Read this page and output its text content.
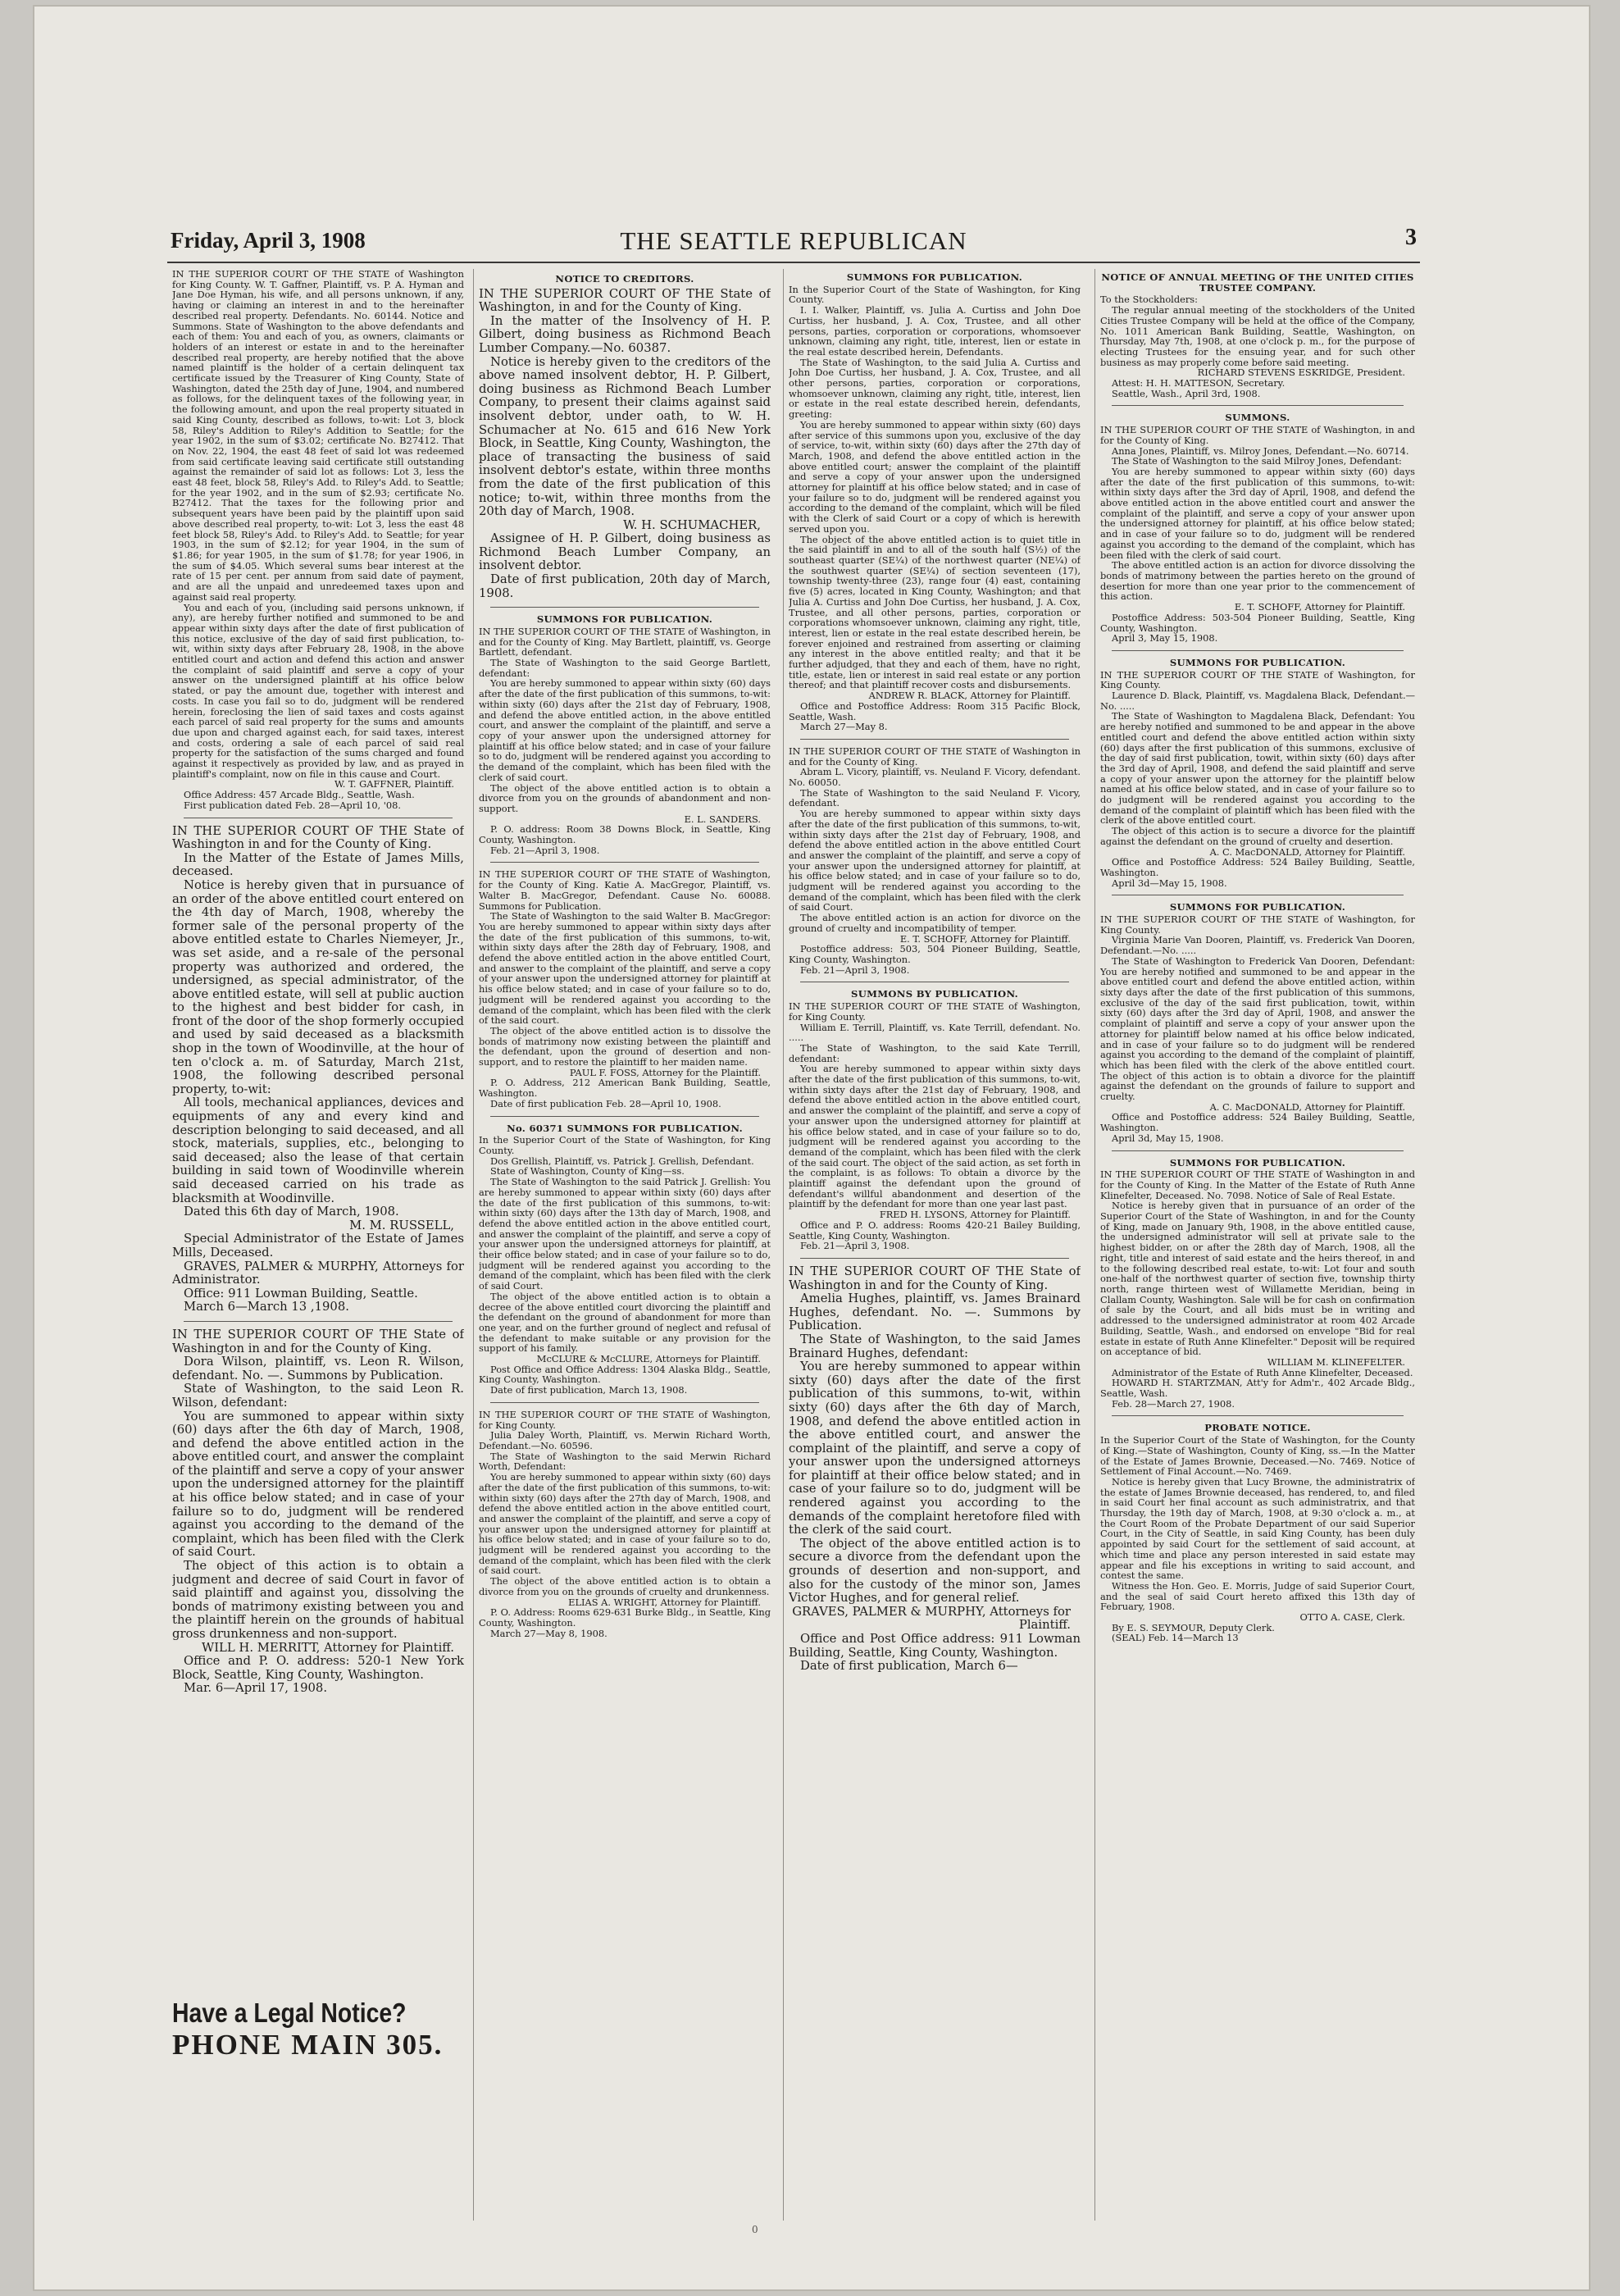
Friday, April 3, 1908	THE SEATTLE REPUBLICAN	3

IN THE SUPERIOR COURT OF THE STATE of Washington for King County. W. T. Gaffner, Plaintiff, vs. P. A. Hyman and Jane Doe Hyman, his wife, and all persons unknown, if any, having or claiming an interest in and to the hereinafter described real property. Defendants. No. 60144. Notice and Summons. State of Washington to the above defendants and each of them: You and each of you, as owners, claimants or holders of an interest or estate in and to the hereinafter described real property, are hereby notified that the above named plaintiff is the holder of a certain delinquent tax certificate issued by the Treasurer of King County, State of Washington, dated the 25th day of June, 1904, and numbered as follows, for the delinquent taxes of the following year, in the following amount, and upon the real property situated in said King County, described as follows, to-wit: Lot 3, block 58, Riley's Addition to Riley's Addition to Seattle; for the year 1902, in the sum of $3.02; certificate No. B27412. That on Nov. 22, 1904, the east 48 feet of said lot was redeemed from said certificate leaving said certificate still outstanding against the remainder of said lot as follows: Lot 3, less the east 48 feet, block 58, Riley's Add. to Riley's Add. to Seattle; for the year 1902, and in the sum of $2.93; certificate No. B27412. That the taxes for the following prior and subsequent years have been paid by the plaintiff upon said above described real property, to-wit: Lot 3, less the east 48 feet block 58, Riley's Add. to Riley's Add. to Seattle; for year 1903, in the sum of $2.12; for year 1904, in the sum of $1.86; for year 1905, in the sum of $1.78; for year 1906, in the sum of $4.05. Which several sums bear interest at the rate of 15 per cent. per annum from said date of payment, and are all the unpaid and unredeemed taxes upon and against said real property.

You and each of you, (including said persons unknown, if any), are hereby further notified and summoned to be and appear within sixty days after the date of first publication of this notice, exclusive of the day of said first publication, to-wit, within sixty days after February 28, 1908, in the above entitled court and action and defend this action and answer the complaint of said plaintiff and serve a copy of your answer on the undersigned plaintiff at his office below stated, or pay the amount due, together with interest and costs. In case you fail so to do, judgment will be rendered herein, foreclosing the lien of said taxes and costs against each parcel of said real property for the sums and amounts due upon and charged against each, for said taxes, interest and costs, ordering a sale of each parcel of said real property for the satisfaction of the sums charged and found against it respectively as provided by law, and as prayed in plaintiff's complaint, now on file in this cause and Court.

W. T. GAFFNER, Plaintiff.
Office Address: 457 Arcade Bldg., Seattle, Wash.
First publication dated Feb. 28—April 10, '08.

IN THE SUPERIOR COURT OF THE State of Washington in and for the County of King.

In the Matter of the Estate of James Mills, deceased.

Notice is hereby given that in pursuance of an order of the above entitled court entered on the 4th day of March, 1908, whereby the former sale of the personal property of the above entitled estate to Charles Niemeyer, Jr., was set aside, and a re-sale of the personal property was authorized and ordered, the undersigned, as special administrator, of the above entitled estate, will sell at public auction to the highest and best bidder for cash, in front of the door of the shop formerly occupied and used by said deceased as a blacksmith shop in the town of Woodinville, at the hour of ten o'clock a. m. of Saturday, March 21st, 1908, the following described personal property, to-wit:

All tools, mechanical appliances, devices and equipments of any and every kind and description belonging to said deceased, and all stock, materials, supplies, etc., belonging to said deceased; also the lease of that certain building in said town of Woodinville wherein said deceased carried on his trade as blacksmith at Woodinville.

Dated this 6th day of March, 1908.

M. M. RUSSELL,
Special Administrator of the Estate of James Mills, Deceased.
GRAVES, PALMER & MURPHY, Attorneys for Administrator.
Office: 911 Lowman Building, Seattle.
March 6—March 13 ,1908.

IN THE SUPERIOR COURT OF THE State of Washington in and for the County of King.

Dora Wilson, plaintiff, vs. Leon R. Wilson, defendant. No. —. Summons by Publication.

State of Washington, to the said Leon R. Wilson, defendant:

You are summoned to appear within sixty (60) days after the 6th day of March, 1908, and defend the above entitled action in the above entitled court, and answer the complaint of the plaintiff and serve a copy of your answer upon the undersigned attorney for the plaintiff at his office below stated; and in case of your failure so to do, judgment will be rendered against you according to the demand of the complaint, which has been filed with the Clerk of said Court.

The object of this action is to obtain a judgment and decree of said Court in favor of said plaintiff and against you, dissolving the bonds of matrimony existing between you and the plaintiff herein on the grounds of habitual gross drunkenness and non-support.

WILL H. MERRITT, Attorney for Plaintiff.
Office and P. O. address: 520-1 New York Block, Seattle, King County, Washington.
Mar. 6—April 17, 1908.
NOTICE TO CREDITORS.

IN THE SUPERIOR COURT OF THE State of Washington, in and for the County of King.

In the matter of the Insolvency of H. P. Gilbert, doing business as Richmond Beach Lumber Company.—No. 60387.

Notice is hereby given to the creditors of the above named insolvent debtor, H. P. Gilbert, doing business as Richmond Beach Lumber Company, to present their claims against said insolvent debtor, under oath, to W. H. Schumacher at No. 615 and 616 New York Block, in Seattle, King County, Washington, the place of transacting the business of said insolvent debtor's estate, within three months from the date of the first publication of this notice; to-wit, within three months from the 20th day of March, 1908.

W. H. SCHUMACHER,
Assignee of H. P. Gilbert, doing business as Richmond Beach Lumber Company, an insolvent debtor.
Date of first publication, 20th day of March, 1908.
SUMMONS FOR PUBLICATION.

IN THE SUPERIOR COURT OF THE STATE of Washington, in and for the County of King. May Bartlett, plaintiff, vs. George Bartlett, defendant.

The State of Washington to the said George Bartlett, defendant:

You are hereby summoned to appear within sixty (60) days after the date of the first publication of this summons, to-wit: within sixty (60) days after the 21st day of February, 1908, and defend the above entitled action, in the above entitled court, and answer the complaint of the plaintiff, and serve a copy of your answer upon the undersigned attorney for plaintiff at his office below stated; and in case of your failure so to do, judgment will be rendered against you according to the demand of the complaint, which has been filed with the clerk of said court.

The object of the above entitled action is to obtain a divorce from you on the grounds of abandonment and non-support.

E. L. SANDERS.
P. O. address: Room 38 Downs Block, in Seattle, King County, Washington.
Feb. 21—April 3, 1908.

IN THE SUPERIOR COURT OF THE STATE of Washington, for the County of King. Katie A. MacGregor, Plaintiff, vs. Walter B. MacGregor, Defendant. Cause No. 60088. Summons for Publication.

The State of Washington to the said Walter B. MacGregor: You are hereby summoned to appear within sixty days after the date of the first publication of this summons, to-wit, within sixty days after the 28th day of February, 1908, and defend the above entitled action in the above entitled Court, and answer to the complaint of the plaintiff, and serve a copy of your answer upon the undersigned attorney for plaintiff at his office below stated; and in case of your failure so to do, judgment will be rendered against you according to the demand of the complaint, which has been filed with the clerk of the said court.

The object of the above entitled action is to dissolve the bonds of matrimony now existing between the plaintiff and the defendant, upon the ground of desertion and non-support, and to restore the plaintiff to her maiden name.

PAUL F. FOSS, Attorney for the Plaintiff.
P. O. Address, 212 American Bank Building, Seattle, Washington.
Date of first publication Feb. 28—April 10, 1908.
No. 60371 SUMMONS FOR PUBLICATION.

In the Superior Court of the State of Washington, for King County.

Dos Grellish, Plaintiff, vs. Patrick J. Grellish, Defendant.

State of Washington, County of King—ss.

The State of Washington to the said Patrick J. Grellish: You are hereby summoned to appear within sixty (60) days after the date of the first publication of this summons, to-wit: within sixty (60) days after the 13th day of March, 1908, and defend the above entitled action in the above entitled court, and answer the complaint of the plaintiff, and serve a copy of your answer upon the undersigned attorneys for plaintiff, at their office below stated; and in case of your failure so to do, judgment will be rendered against you according to the demand of the complaint, which has been filed with the clerk of said Court.

The object of the above entitled action is to obtain a decree of the above entitled court divorcing the plaintiff and the defendant on the ground of abandonment for more than one year, and on the further ground of neglect and refusal of the defendant to make suitable or any provision for the support of his family.

McCLURE & McCLURE, Attorneys for Plaintiff.
Post Office and Office Address: 1304 Alaska Bldg., Seattle, King County, Washington.
Date of first publication, March 13, 1908.

IN THE SUPERIOR COURT OF THE STATE of Washington, for King County.

Julia Daley Worth, Plaintiff, vs. Merwin Richard Worth, Defendant.—No. 60596.

The State of Washington to the said Merwin Richard Worth, Defendant:

You are hereby summoned to appear within sixty (60) days after the date of the first publication of this summons, to-wit: within sixty (60) days after the 27th day of March, 1908, and defend the above entitled action in the above entitled court, and answer the complaint of the plaintiff, and serve a copy of your answer upon the undersigned attorney for plaintiff at his office below stated; and in case of your failure so to do, judgment will be rendered against you according to the demand of the complaint, which has been filed with the clerk of said court.

The object of the above entitled action is to obtain a divorce from you on the grounds of cruelty and drunkenness.

ELIAS A. WRIGHT, Attorney for Plaintiff.
P. O. Address: Rooms 629-631 Burke Bldg., in Seattle, King County, Washington.
March 27—May 8, 1908.
SUMMONS FOR PUBLICATION.

In the Superior Court of the State of Washington, for King County.

I. I. Walker, Plaintiff, vs. Julia A. Curtiss and John Doe Curtiss, her husband, J. A. Cox, Trustee, and all other persons, parties, corporation or corporations, whomsoever unknown, claiming any right, title, interest, lien or estate in the real estate described herein, Defendants.

The State of Washington, to the said Julia A. Curtiss and John Doe Curtiss, her husband, J. A. Cox, Trustee, and all other persons, parties, corporation or corporations, whomsoever unknown, claiming any right, title, interest, lien or estate in the real estate described herein, defendants, greeting:

You are hereby summoned to appear within sixty (60) days after service of this summons upon you, exclusive of the day of service, to-wit, within sixty (60) days after the 27th day of March, 1908, and defend the above entitled action in the above entitled court; answer the complaint of the plaintiff and serve a copy of your answer upon the undersigned attorney for plaintiff at his office below stated; and in case of your failure so to do, judgment will be rendered against you according to the demand of the complaint, which will be filed with the Clerk of said Court or a copy of which is herewith served upon you.

The object of the above entitled action is to quiet title in the said plaintiff in and to all of the south half (S½) of the southeast quarter (SE¼) of the northwest quarter (NE¼) of the southwest quarter (SE¼) of section seventeen (17), township twenty-three (23), range four (4) east, containing five (5) acres, located in King County, Washington; and that Julia A. Curtiss and John Doe Curtiss, her husband, J. A. Cox, Trustee, and all other persons, parties, corporation or corporations whomsoever unknown, claiming any right, title, interest, lien or estate in the real estate described herein, be forever enjoined and restrained from asserting or claiming any interest in the above entitled realty; and that it be further adjudged, that they and each of them, have no right, title, estate, lien or interest in said real estate or any portion thereof; and that plaintiff recover costs and disbursements.

ANDREW R. BLACK, Attorney for Plaintiff.
Office and Postoffice Address: Room 315 Pacific Block, Seattle, Wash.
March 27—May 8.

IN THE SUPERIOR COURT OF THE STATE of Washington in and for the County of King.

Abram L. Vicory, plaintiff, vs. Neuland F. Vicory, defendant. No. 60050.

The State of Washington to the said Neuland F. Vicory, defendant.

You are hereby summoned to appear within sixty days after the date of the first publication of this summons, to-wit, within sixty days after the 21st day of February, 1908, and defend the above entitled action in the above entitled Court and answer the complaint of the plaintiff, and serve a copy of your answer upon the undersigned attorney for plaintiff, at his office below stated; and in case of your failure so to do, judgment will be rendered against you according to the demand of the complaint, which has been filed with the clerk of said Court.

The above entitled action is an action for divorce on the ground of cruelty and incompatibility of temper.

E. T. SCHOFF, Attorney for Plaintiff.
Postoffice address: 503, 504 Pioneer Building, Seattle, King County, Washington.
Feb. 21—April 3, 1908.
SUMMONS BY PUBLICATION.

IN THE SUPERIOR COURT OF THE STATE of Washington, for King County.

William E. Terrill, Plaintiff, vs. Kate Terrill, defendant. No. .....

The State of Washington, to the said Kate Terrill, defendant:

You are hereby summoned to appear within sixty days after the date of the first publication of this summons, to-wit, within sixty days after the 21st day of February, 1908, and defend the above entitled action in the above entitled court, and answer the complaint of the plaintiff, and serve a copy of your answer upon the undersigned attorney for plaintiff at his office below stated, and in case of your failure so to do, judgment will be rendered against you according to the demand of the complaint, which has been filed with the clerk of the said court. The object of the said action, as set forth in the complaint, is as follows: To obtain a divorce by the plaintiff against the defendant upon the ground of defendant's willful abandonment and desertion of the plaintiff by the defendant for more than one year last past.

FRED H. LYSONS, Attorney for Plaintiff.
Office and P. O. address: Rooms 420-21 Bailey Building, Seattle, King County, Washington.
Feb. 21—April 3, 1908.

IN THE SUPERIOR COURT OF THE State of Washington in and for the County of King.

Amelia Hughes, plaintiff, vs. James Brainard Hughes, defendant. No. —. Summons by Publication.

The State of Washington, to the said James Brainard Hughes, defendant:

You are hereby summoned to appear within sixty (60) days after the date of the first publication of this summons, to-wit, within sixty (60) days after the 6th day of March, 1908, and defend the above entitled action in the above entitled court, and answer the complaint of the plaintiff, and serve a copy of your answer upon the undersigned attorneys for plaintiff at their office below stated; and in case of your failure so to do, judgment will be rendered against you according to the demands of the complaint heretofore filed with the clerk of the said court.

The object of the above entitled action is to secure a divorce from the defendant upon the grounds of desertion and non-support, and also for the custody of the minor son, James Victor Hughes, and for general relief.

GRAVES, PALMER & MURPHY, Attorneys for Plaintiff.
Office and Post Office address: 911 Lowman Building, Seattle, King County, Washington.
Date of first publication, March 6—
NOTICE OF ANNUAL MEETING OF THE UNITED CITIES TRUSTEE COMPANY.

To the Stockholders:

The regular annual meeting of the stockholders of the United Cities Trustee Company will be held at the office of the Company, No. 1011 American Bank Building, Seattle, Washington, on Thursday, May 7th, 1908, at one o'clock p. m., for the purpose of electing Trustees for the ensuing year, and for such other business as may properly come before said meeting.

RICHARD STEVENS ESKRIDGE, President.
Attest: H. H. MATTESON, Secretary.
Seattle, Wash., April 3rd, 1908.
SUMMONS.

IN THE SUPERIOR COURT OF THE STATE of Washington, in and for the County of King.

Anna Jones, Plaintiff, vs. Milroy Jones, Defendant.—No. 60714.

The State of Washington to the said Milroy Jones, Defendant:

You are hereby summoned to appear within sixty (60) days after the date of the first publication of this summons, to-wit: within sixty days after the 3rd day of April, 1908, and defend the above entitled action in the above entitled court and answer the complaint of the plaintiff, and serve a copy of your answer upon the undersigned attorney for plaintiff, at his office below stated; and in case of your failure so to do, judgment will be rendered against you according to the demand of the complaint, which has been filed with the clerk of said court.

The above entitled action is an action for divorce dissolving the bonds of matrimony between the parties hereto on the ground of desertion for more than one year prior to the commencement of this action.

E. T. SCHOFF, Attorney for Plaintiff.
Postoffice Address: 503-504 Pioneer Building, Seattle, King County, Washington.
April 3, May 15, 1908.
SUMMONS FOR PUBLICATION.

IN THE SUPERIOR COURT OF THE STATE of Washington, for King County.

Laurence D. Black, Plaintiff, vs. Magdalena Black, Defendant.—No. .....

The State of Washington to Magdalena Black, Defendant: You are hereby notified and summoned to be and appear in the above entitled court and defend the above entitled action within sixty (60) days after the first publication of this summons, exclusive of the day of said first publication, towit, within sixty (60) days after the 3rd day of April, 1908, and defend the said plaintiff and serve a copy of your answer upon the attorney for the plaintiff below named at his office below stated, and in case of your failure so to do judgment will be rendered against you according to the demand of the complaint of plaintiff which has been filed with the clerk of the above entitled court.

The object of this action is to secure a divorce for the plaintiff against the defendant on the ground of cruelty and desertion.

A. C. MacDONALD, Attorney for Plaintiff.
Office and Postoffice Address: 524 Bailey Building, Seattle, Washington.
April 3d—May 15, 1908.
SUMMONS FOR PUBLICATION.

IN THE SUPERIOR COURT OF THE STATE of Washington, for King County.

Virginia Marie Van Dooren, Plaintiff, vs. Frederick Van Dooren, Defendant.—No. .....

The State of Washington to Frederick Van Dooren, Defendant: You are hereby notified and summoned to be and appear in the above entitled court and defend the above entitled action, within sixty days after the date of the first publication of this summons, exclusive of the day of the said first publication, towit, within sixty (60) days after the 3rd day of April, 1908, and answer the complaint of plaintiff and serve a copy of your answer upon the attorney for plaintiff below named at his office below indicated, and in case of your failure so to do judgment will be rendered against you according to the demand of the complaint of plaintiff, which has been filed with the clerk of the above entitled court. The object of this action is to obtain a divorce for the plaintiff against the defendant on the grounds of failure to support and cruelty.

A. C. MacDONALD, Attorney for Plaintiff.
Office and Postoffice address: 524 Bailey Building, Seattle, Washington.
April 3d, May 15, 1908.
SUMMONS FOR PUBLICATION.

IN THE SUPERIOR COURT OF THE STATE of Washington in and for the County of King. In the Matter of the Estate of Ruth Anne Klinefelter, Deceased. No. 7098. Notice of Sale of Real Estate.

Notice is hereby given that in pursuance of an order of the Superior Court of the State of Washington, in and for the County of King, made on January 9th, 1908, in the above entitled cause, the undersigned administrator will sell at private sale to the highest bidder, on or after the 28th day of March, 1908, all the right, title and interest of said estate and the heirs thereof, in and to the following described real estate, to-wit: Lot four and south one-half of the northwest quarter of section five, township thirty north, range thirteen west of Willamette Meridian, being in Clallam County, Washington. Sale will be for cash on confirmation of sale by the Court, and all bids must be in writing and addressed to the undersigned administrator at room 402 Arcade Building, Seattle, Wash., and endorsed on envelope "Bid for real estate in estate of Ruth Anne Klinefelter." Deposit will be required on acceptance of bid.

WILLIAM M. KLINEFELTER.
Administrator of the Estate of Ruth Anne Klinefelter, Deceased.
HOWARD H. STARTZMAN, Att'y for Adm'r., 402 Arcade Bldg., Seattle, Wash.
Feb. 28—March 27, 1908.
PROBATE NOTICE.

In the Superior Court of the State of Washington, for the County of King.—State of Washington, County of King, ss.—In the Matter of the Estate of James Brownie, Deceased.—No. 7469. Notice of Settlement of Final Account.—No. 7469.

Notice is hereby given that Lucy Browne, the administratrix of the estate of James Brownie deceased, has rendered, to, and filed in said Court her final account as such administratrix, and that Thursday, the 19th day of March, 1908, at 9:30 o'clock a. m., at the Court Room of the Probate Department of our said Superior Court, in the City of Seattle, in said King County, has been duly appointed by said Court for the settlement of said account, at which time and place any person interested in said estate may appear and file his exceptions in writing to said account, and contest the same.

Witness the Hon. Geo. E. Morris, Judge of said Superior Court, and the seal of said Court hereto affixed this 13th day of February, 1908.

OTTO A. CASE, Clerk.
By E. S. SEYMOUR, Deputy Clerk.
(SEAL) Feb. 14—March 13
Have a Legal Notice?
PHONE MAIN 305.
0
